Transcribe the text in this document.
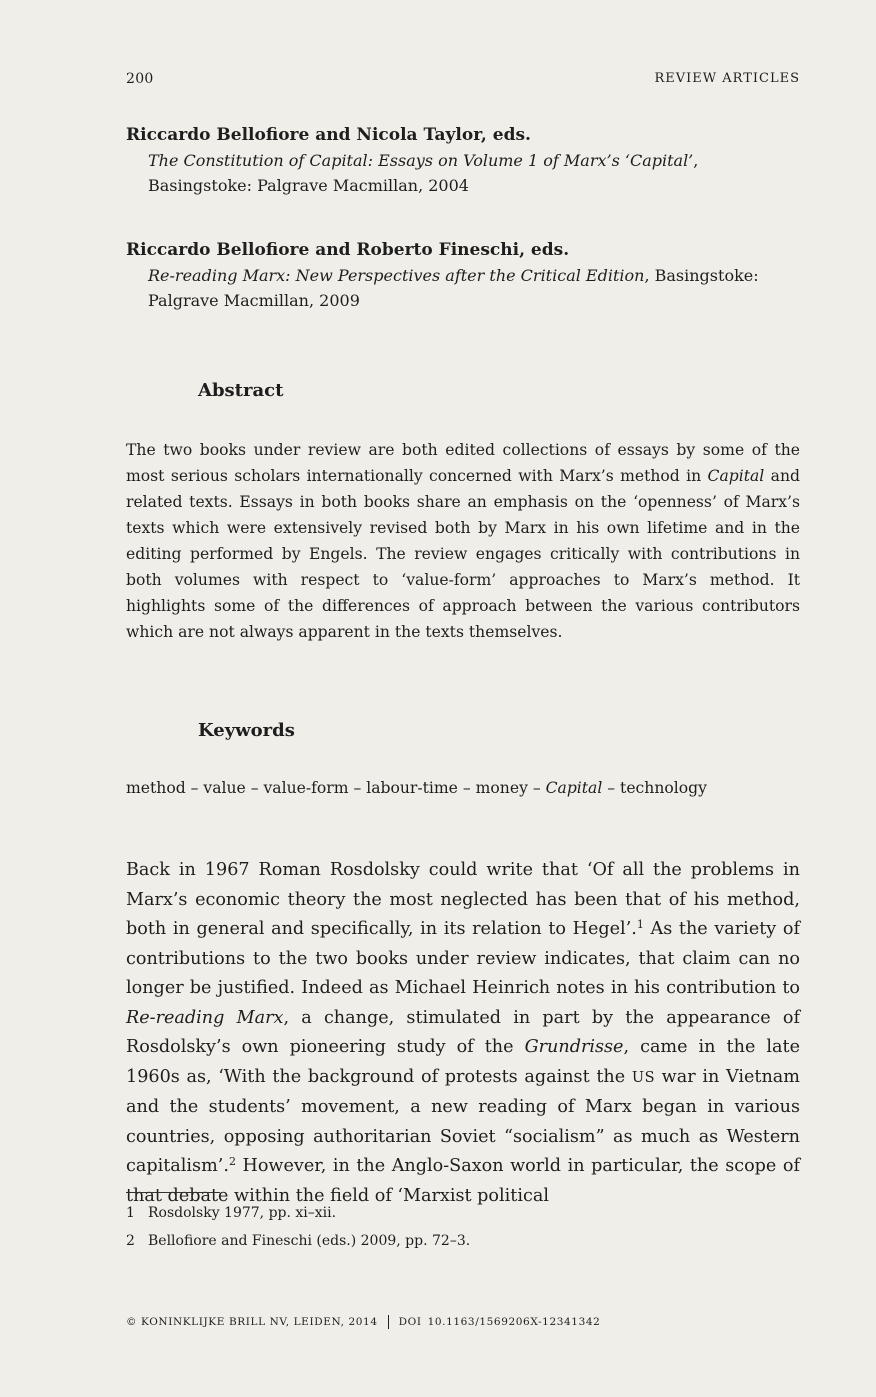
200	REVIEW ARTICLES
Riccardo Bellofiore and Nicola Taylor, eds.
The Constitution of Capital: Essays on Volume 1 of Marx’s ‘Capital’, Basingstoke: Palgrave Macmillan, 2004
Riccardo Bellofiore and Roberto Fineschi, eds.
Re-reading Marx: New Perspectives after the Critical Edition, Basingstoke: Palgrave Macmillan, 2009
Abstract

The two books under review are both edited collections of essays by some of the most serious scholars internationally concerned with Marx’s method in Capital and related texts. Essays in both books share an emphasis on the ‘openness’ of Marx’s texts which were extensively revised both by Marx in his own lifetime and in the editing performed by Engels. The review engages critically with contributions in both volumes with respect to ‘value-form’ approaches to Marx’s method. It highlights some of the differences of approach between the various contributors which are not always apparent in the texts themselves.

Keywords

method – value – value-form – labour-time – money – Capital – technology

Back in 1967 Roman Rosdolsky could write that ‘Of all the problems in Marx’s economic theory the most neglected has been that of his method, both in general and specifically, in its relation to Hegel’.$^1$ As the variety of contributions to the two books under review indicates, that claim can no longer be justified. Indeed as Michael Heinrich notes in his contribution to Re-reading Marx, a change, stimulated in part by the appearance of Rosdolsky’s own pioneering study of the Grundrisse, came in the late 1960s as, ‘With the background of protests against the US war in Vietnam and the students’ movement, a new reading of Marx began in various countries, opposing authoritarian Soviet “socialism” as much as Western capitalism’.$^2$ However, in the Anglo-Saxon world in particular, the scope of that debate within the field of ‘Marxist political

1 Rosdolsky 1977, pp. xi–xii.
2 Bellofiore and Fineschi (eds.) 2009, pp. 72–3.
© KONINKLIJKE BRILL NV, LEIDEN, 2014 DOI 10.1163/1569206X-12341342
